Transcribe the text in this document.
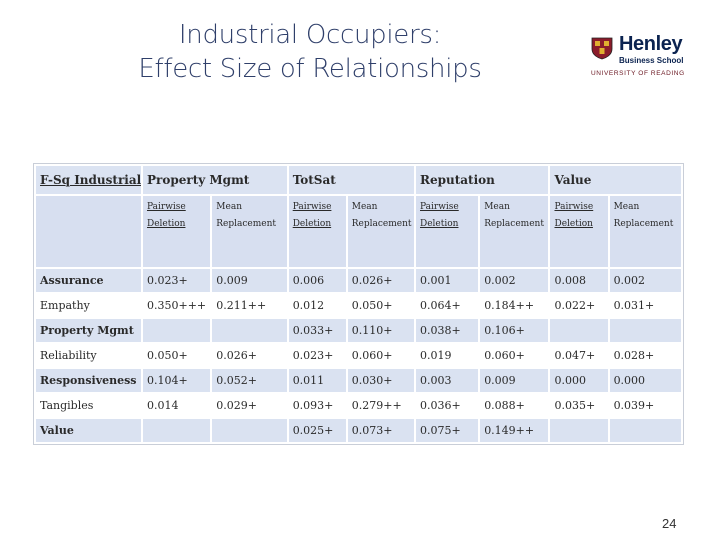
Industrial Occupiers:
Effect Size of Relationships
Henley
Business School
UNIVERSITY OF READING
F-Sq Industrial	Property Mgmt		TotSat		Reputation		Value	
	Pairwise Deletion	Mean Replacement	Pairwise Deletion	Mean Replacement	Pairwise Deletion	Mean Replacement	Pairwise Deletion	Mean Replacement
Assurance	0.023+	0.009	0.006	0.026+	0.001	0.002	0.008	0.002
Empathy	0.350+++	0.211++	0.012	0.050+	0.064+	0.184++	0.022+	0.031+
Property Mgmt			0.033+	0.110+	0.038+	0.106+		
Reliability	0.050+	0.026+	0.023+	0.060+	0.019	0.060+	0.047+	0.028+
Responsiveness	0.104+	0.052+	0.011	0.030+	0.003	0.009	0.000	0.000
Tangibles	0.014	0.029+	0.093+	0.279++	0.036+	0.088+	0.035+	0.039+
Value			0.025+	0.073+	0.075+	0.149++		
24
